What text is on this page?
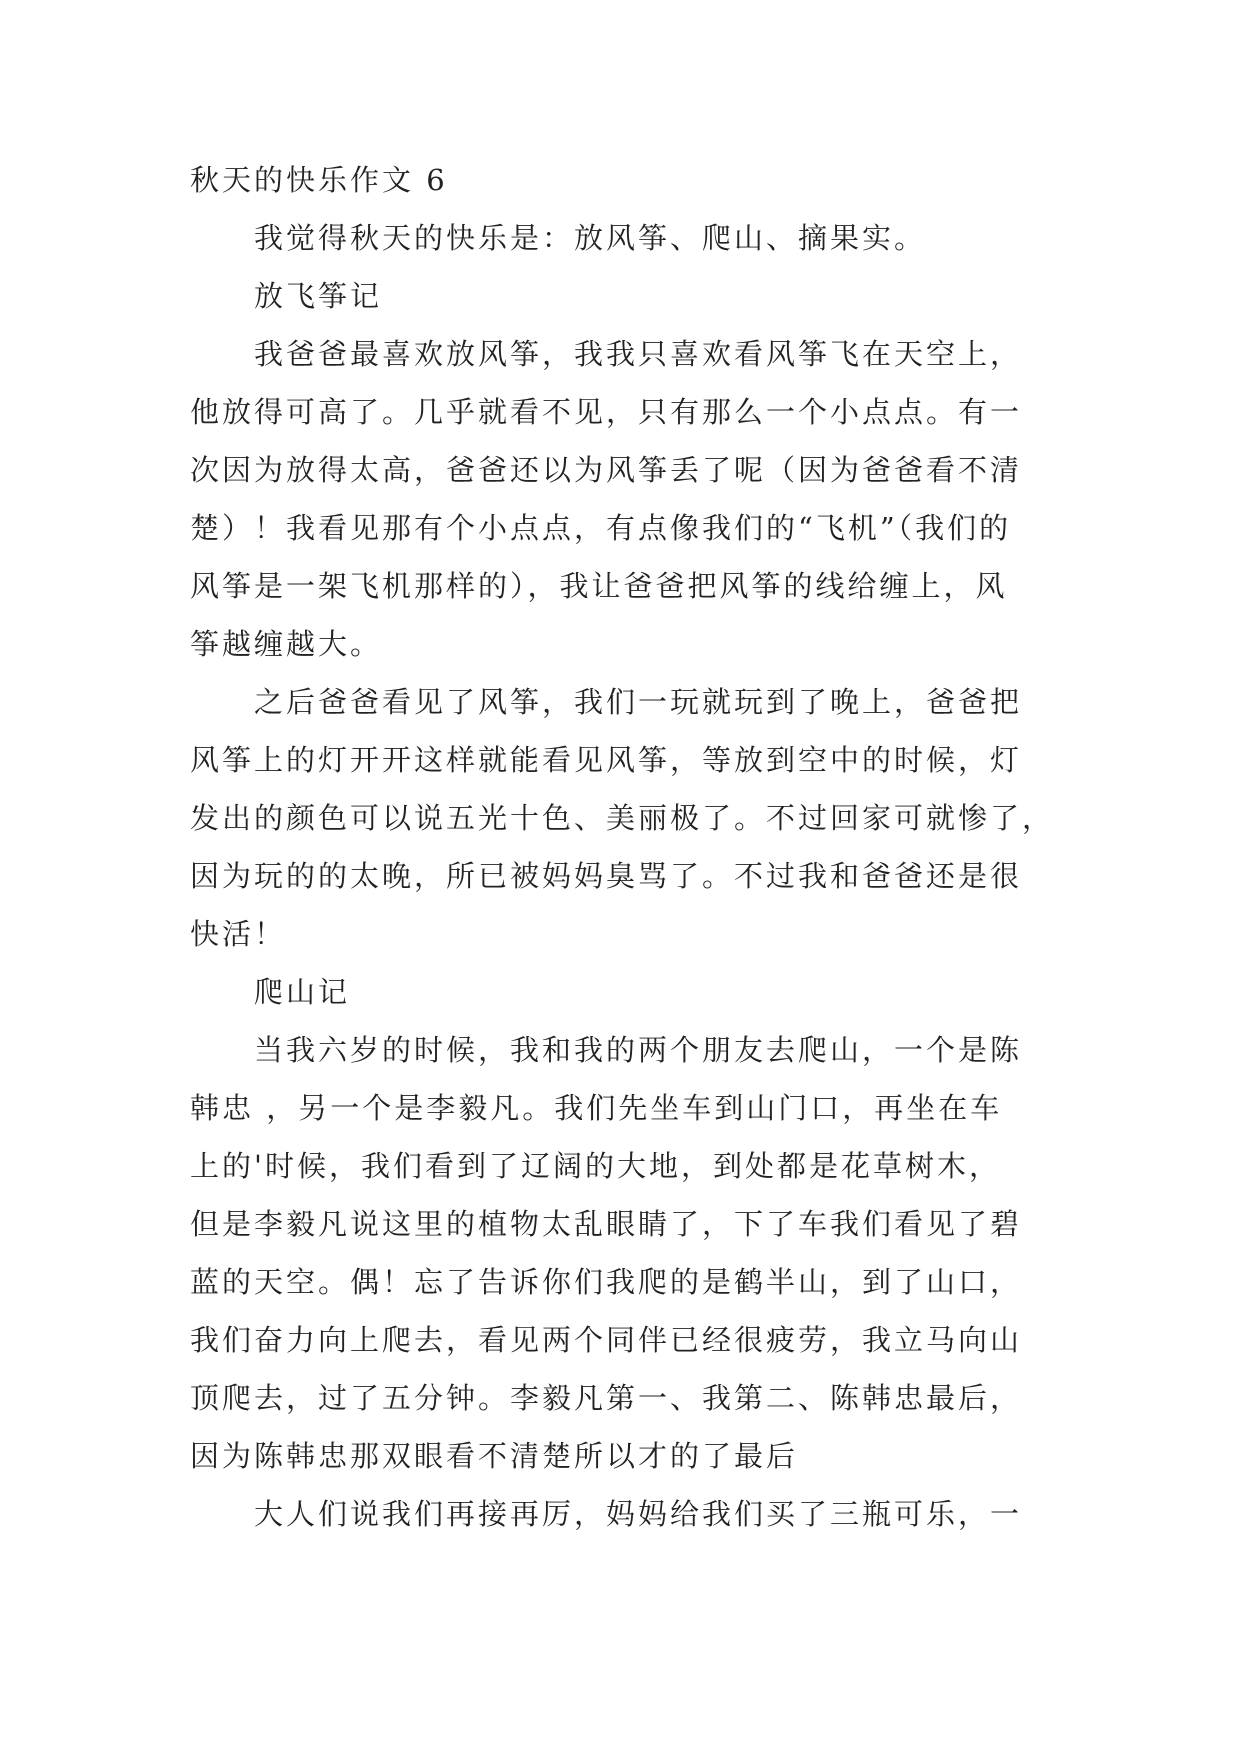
秋天的快乐作文 6
我觉得秋天的快乐是：放风筝、爬山、摘果实。
放飞筝记
我爸爸最喜欢放风筝，我我只喜欢看风筝飞在天空上，
他放得可高了。几乎就看不见，只有那么一个小点点。有一
次因为放得太高，爸爸还以为风筝丢了呢（因为爸爸看不清
楚）！我看见那有个小点点，有点像我们的“飞机”（我们的
风筝是一架飞机那样的），我让爸爸把风筝的线给缠上，风
筝越缠越大。
之后爸爸看见了风筝，我们一玩就玩到了晚上，爸爸把
风筝上的灯开开这样就能看见风筝，等放到空中的时候，灯
发出的颜色可以说五光十色、美丽极了。不过回家可就惨了，
因为玩的的太晚，所已被妈妈臭骂了。不过我和爸爸还是很
快活！
爬山记
当我六岁的时候，我和我的两个朋友去爬山，一个是陈
韩忠 ，另一个是李毅凡。我们先坐车到山门口，再坐在车
上的'时候，我们看到了辽阔的大地，到处都是花草树木，
但是李毅凡说这里的植物太乱眼睛了，下了车我们看见了碧
蓝的天空。偶！忘了告诉你们我爬的是鹤半山，到了山口，
我们奋力向上爬去，看见两个同伴已经很疲劳，我立马向山
顶爬去，过了五分钟。李毅凡第一、我第二、陈韩忠最后，
因为陈韩忠那双眼看不清楚所以才的了最后
大人们说我们再接再厉，妈妈给我们买了三瓶可乐，一
